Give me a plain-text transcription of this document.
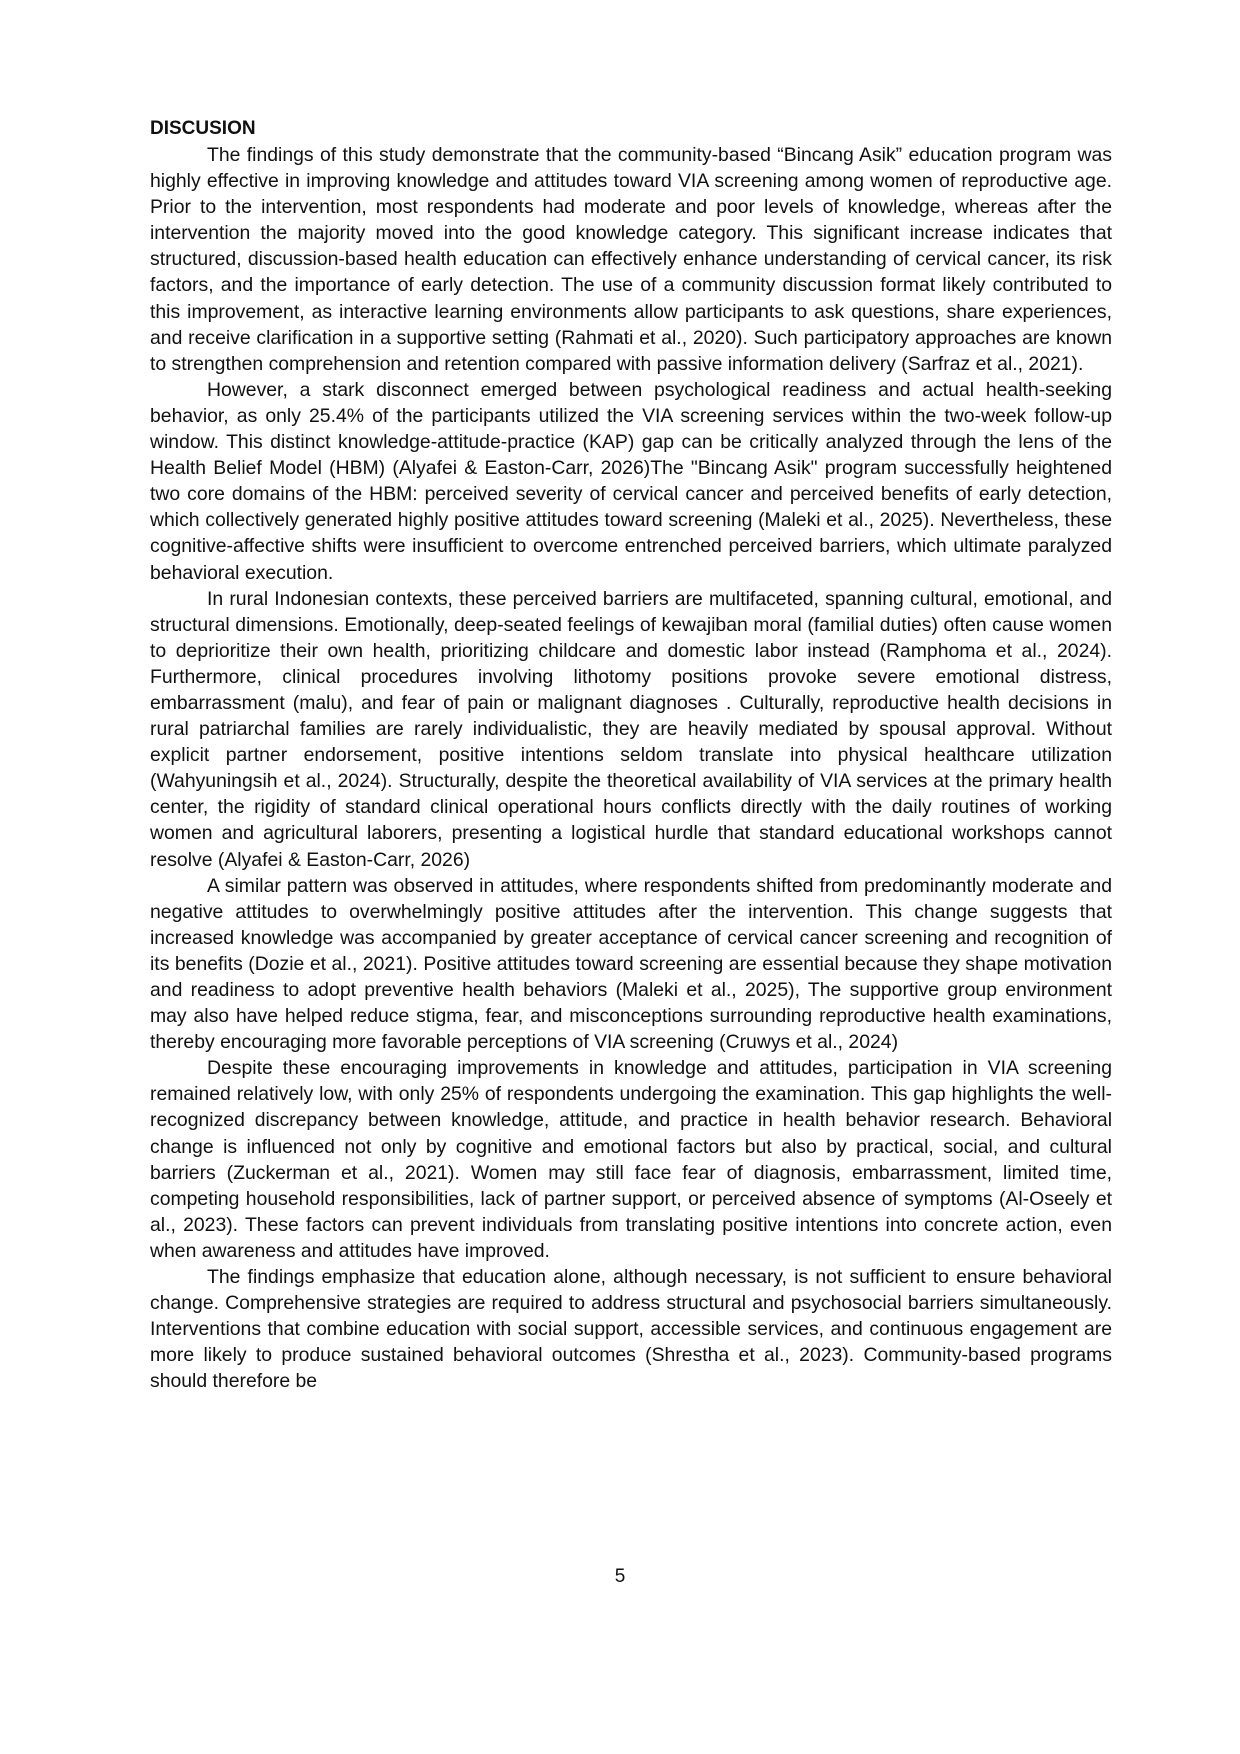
DISCUSION

The findings of this study demonstrate that the community-based “Bincang Asik” education program was highly effective in improving knowledge and attitudes toward VIA screening among women of reproductive age. Prior to the intervention, most respondents had moderate and poor levels of knowledge, whereas after the intervention the majority moved into the good knowledge category. This significant increase indicates that structured, discussion-based health education can effectively enhance understanding of cervical cancer, its risk factors, and the importance of early detection. The use of a community discussion format likely contributed to this improvement, as interactive learning environments allow participants to ask questions, share experiences, and receive clarification in a supportive setting (Rahmati et al., 2020). Such participatory approaches are known to strengthen comprehension and retention compared with passive information delivery (Sarfraz et al., 2021).

However, a stark disconnect emerged between psychological readiness and actual health-seeking behavior, as only 25.4% of the participants utilized the VIA screening services within the two-week follow-up window. This distinct knowledge-attitude-practice (KAP) gap can be critically analyzed through the lens of the Health Belief Model (HBM) (Alyafei & Easton-Carr, 2026)The "Bincang Asik" program successfully heightened two core domains of the HBM: perceived severity of cervical cancer and perceived benefits of early detection, which collectively generated highly positive attitudes toward screening (Maleki et al., 2025). Nevertheless, these cognitive-affective shifts were insufficient to overcome entrenched perceived barriers, which ultimate paralyzed behavioral execution.

In rural Indonesian contexts, these perceived barriers are multifaceted, spanning cultural, emotional, and structural dimensions. Emotionally, deep-seated feelings of kewajiban moral (familial duties) often cause women to deprioritize their own health, prioritizing childcare and domestic labor instead (Ramphoma et al., 2024). Furthermore, clinical procedures involving lithotomy positions provoke severe emotional distress, embarrassment (malu), and fear of pain or malignant diagnoses . Culturally, reproductive health decisions in rural patriarchal families are rarely individualistic, they are heavily mediated by spousal approval. Without explicit partner endorsement, positive intentions seldom translate into physical healthcare utilization (Wahyuningsih et al., 2024). Structurally, despite the theoretical availability of VIA services at the primary health center, the rigidity of standard clinical operational hours conflicts directly with the daily routines of working women and agricultural laborers, presenting a logistical hurdle that standard educational workshops cannot resolve (Alyafei & Easton-Carr, 2026)

A similar pattern was observed in attitudes, where respondents shifted from predominantly moderate and negative attitudes to overwhelmingly positive attitudes after the intervention. This change suggests that increased knowledge was accompanied by greater acceptance of cervical cancer screening and recognition of its benefits (Dozie et al., 2021). Positive attitudes toward screening are essential because they shape motivation and readiness to adopt preventive health behaviors (Maleki et al., 2025), The supportive group environment may also have helped reduce stigma, fear, and misconceptions surrounding reproductive health examinations, thereby encouraging more favorable perceptions of VIA screening (Cruwys et al., 2024)

Despite these encouraging improvements in knowledge and attitudes, participation in VIA screening remained relatively low, with only 25% of respondents undergoing the examination. This gap highlights the well-recognized discrepancy between knowledge, attitude, and practice in health behavior research. Behavioral change is influenced not only by cognitive and emotional factors but also by practical, social, and cultural barriers (Zuckerman et al., 2021). Women may still face fear of diagnosis, embarrassment, limited time, competing household responsibilities, lack of partner support, or perceived absence of symptoms (Al-Oseely et al., 2023). These factors can prevent individuals from translating positive intentions into concrete action, even when awareness and attitudes have improved.

The findings emphasize that education alone, although necessary, is not sufficient to ensure behavioral change. Comprehensive strategies are required to address structural and psychosocial barriers simultaneously. Interventions that combine education with social support, accessible services, and continuous engagement are more likely to produce sustained behavioral outcomes (Shrestha et al., 2023). Community-based programs should therefore be

5
